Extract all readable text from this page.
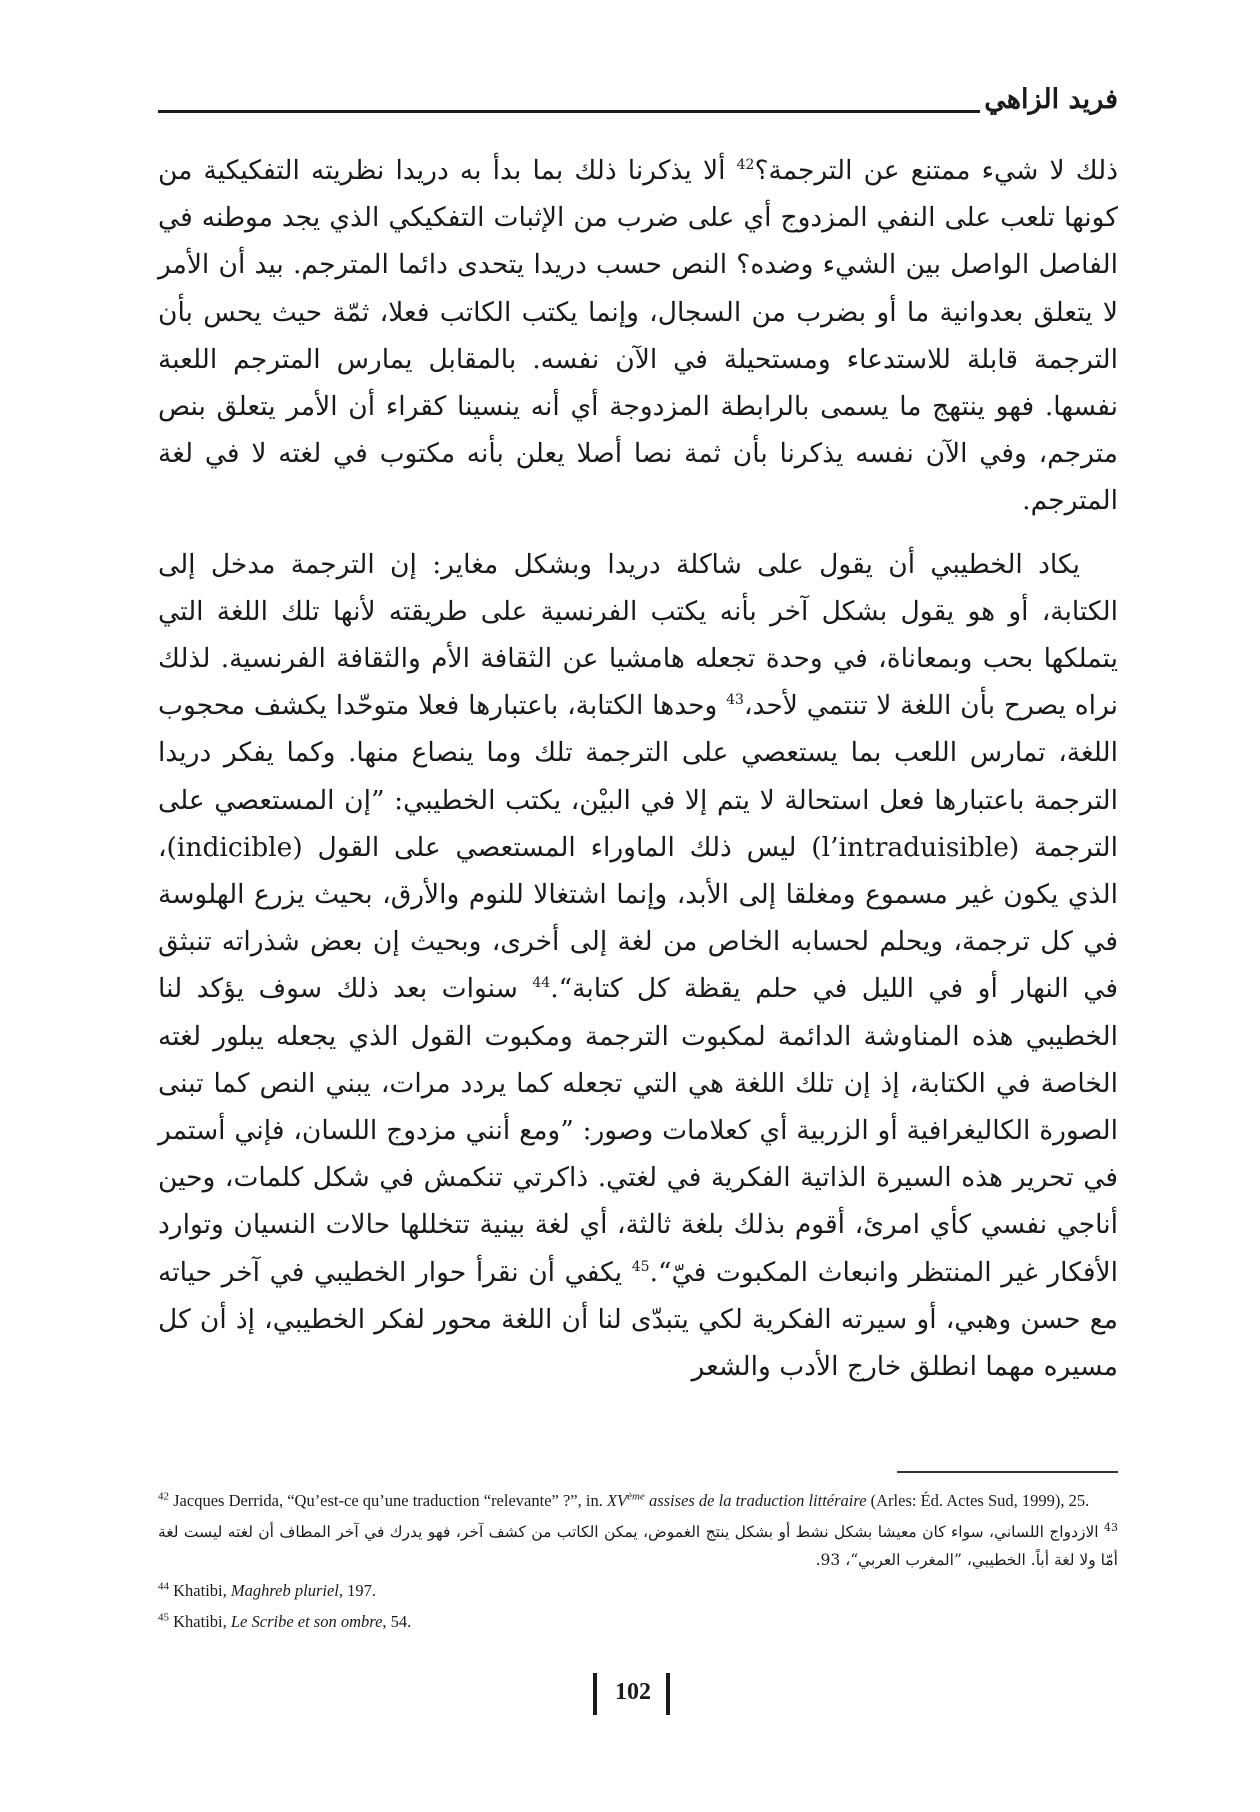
فريد الزاهي

ذلك لا شيء ممتنع عن الترجمة؟$^{42}$ ألا يذكرنا ذلك بما بدأ به دريدا نظريته التفكيكية من كونها تلعب على النفي المزدوج أي على ضرب من الإثبات التفكيكي الذي يجد موطنه في الفاصل الواصل بين الشيء وضده؟ النص حسب دريدا يتحدى دائما المترجم. بيد أن الأمر لا يتعلق بعدوانية ما أو بضرب من السجال، وإنما يكتب الكاتب فعلا، ثمّة حيث يحس بأن الترجمة قابلة للاستدعاء ومستحيلة في الآن نفسه. بالمقابل يمارس المترجم اللعبة نفسها. فهو ينتهج ما يسمى بالرابطة المزدوجة أي أنه ينسينا كقراء أن الأمر يتعلق بنص مترجم، وفي الآن نفسه يذكرنا بأن ثمة نصا أصلا يعلن بأنه مكتوب في لغته لا في لغة المترجم.

يكاد الخطيبي أن يقول على شاكلة دريدا وبشكل مغاير: إن الترجمة مدخل إلى الكتابة، أو هو يقول بشكل آخر بأنه يكتب الفرنسية على طريقته لأنها تلك اللغة التي يتملكها بحب وبمعاناة، في وحدة تجعله هامشيا عن الثقافة الأم والثقافة الفرنسية. لذلك نراه يصرح بأن اللغة لا تنتمي لأحد،$^{43}$ وحدها الكتابة، باعتبارها فعلا متوحّدا يكشف محجوب اللغة، تمارس اللعب بما يستعصي على الترجمة تلك وما ينصاع منها. وكما يفكر دريدا الترجمة باعتبارها فعل استحالة لا يتم إلا في البيْن، يكتب الخطيبي: ”إن المستعصي على الترجمة (l’intraduisible) ليس ذلك الماوراء المستعصي على القول (indicible)، الذي يكون غير مسموع ومغلقا إلى الأبد، وإنما اشتغالا للنوم والأرق، بحيث يزرع الهلوسة في كل ترجمة، ويحلم لحسابه الخاص من لغة إلى أخرى، وبحيث إن بعض شذراته تنبثق في النهار أو في الليل في حلم يقظة كل كتابة“.$^{44}$ سنوات بعد ذلك سوف يؤكد لنا الخطيبي هذه المناوشة الدائمة لمكبوت الترجمة ومكبوت القول الذي يجعله يبلور لغته الخاصة في الكتابة، إذ إن تلك اللغة هي التي تجعله كما يردد مرات، يبني النص كما تبنى الصورة الكاليغرافية أو الزربية أي كعلامات وصور: ”ومع أنني مزدوج اللسان، فإني أستمر في تحرير هذه السيرة الذاتية الفكرية في لغتي. ذاكرتي تنكمش في شكل كلمات، وحين أناجي نفسي كأي امرئ، أقوم بذلك بلغة ثالثة، أي لغة بينية تتخللها حالات النسيان وتوارد الأفكار غير المنتظر وانبعاث المكبوت فيّ“.$^{45}$ يكفي أن نقرأ حوار الخطيبي في آخر حياته مع حسن وهبي، أو سيرته الفكرية لكي يتبدّى لنا أن اللغة محور لفكر الخطيبي، إذ أن كل مسيره مهما انطلق خارج الأدب والشعر

$^{42}$ Jacques Derrida, “Qu’est-ce qu’une traduction “relevante” ?”, in. XVème assises de la traduction littéraire (Arles: Éd. Actes Sud, 1999), 25.
$^{43}$ الازدواج اللساني، سواء كان معيشا بشكل نشط أو بشكل ينتج الغموض، يمكن الكاتب من كشف آخر، فهو يدرك في آخر المطاف أن لغته ليست لغة أمّا ولا لغة أباً. الخطيبي، ”المغرب العربي“، 93.
$^{44}$ Khatibi, Maghreb pluriel, 197.
$^{45}$ Khatibi, Le Scribe et son ombre, 54.
102
